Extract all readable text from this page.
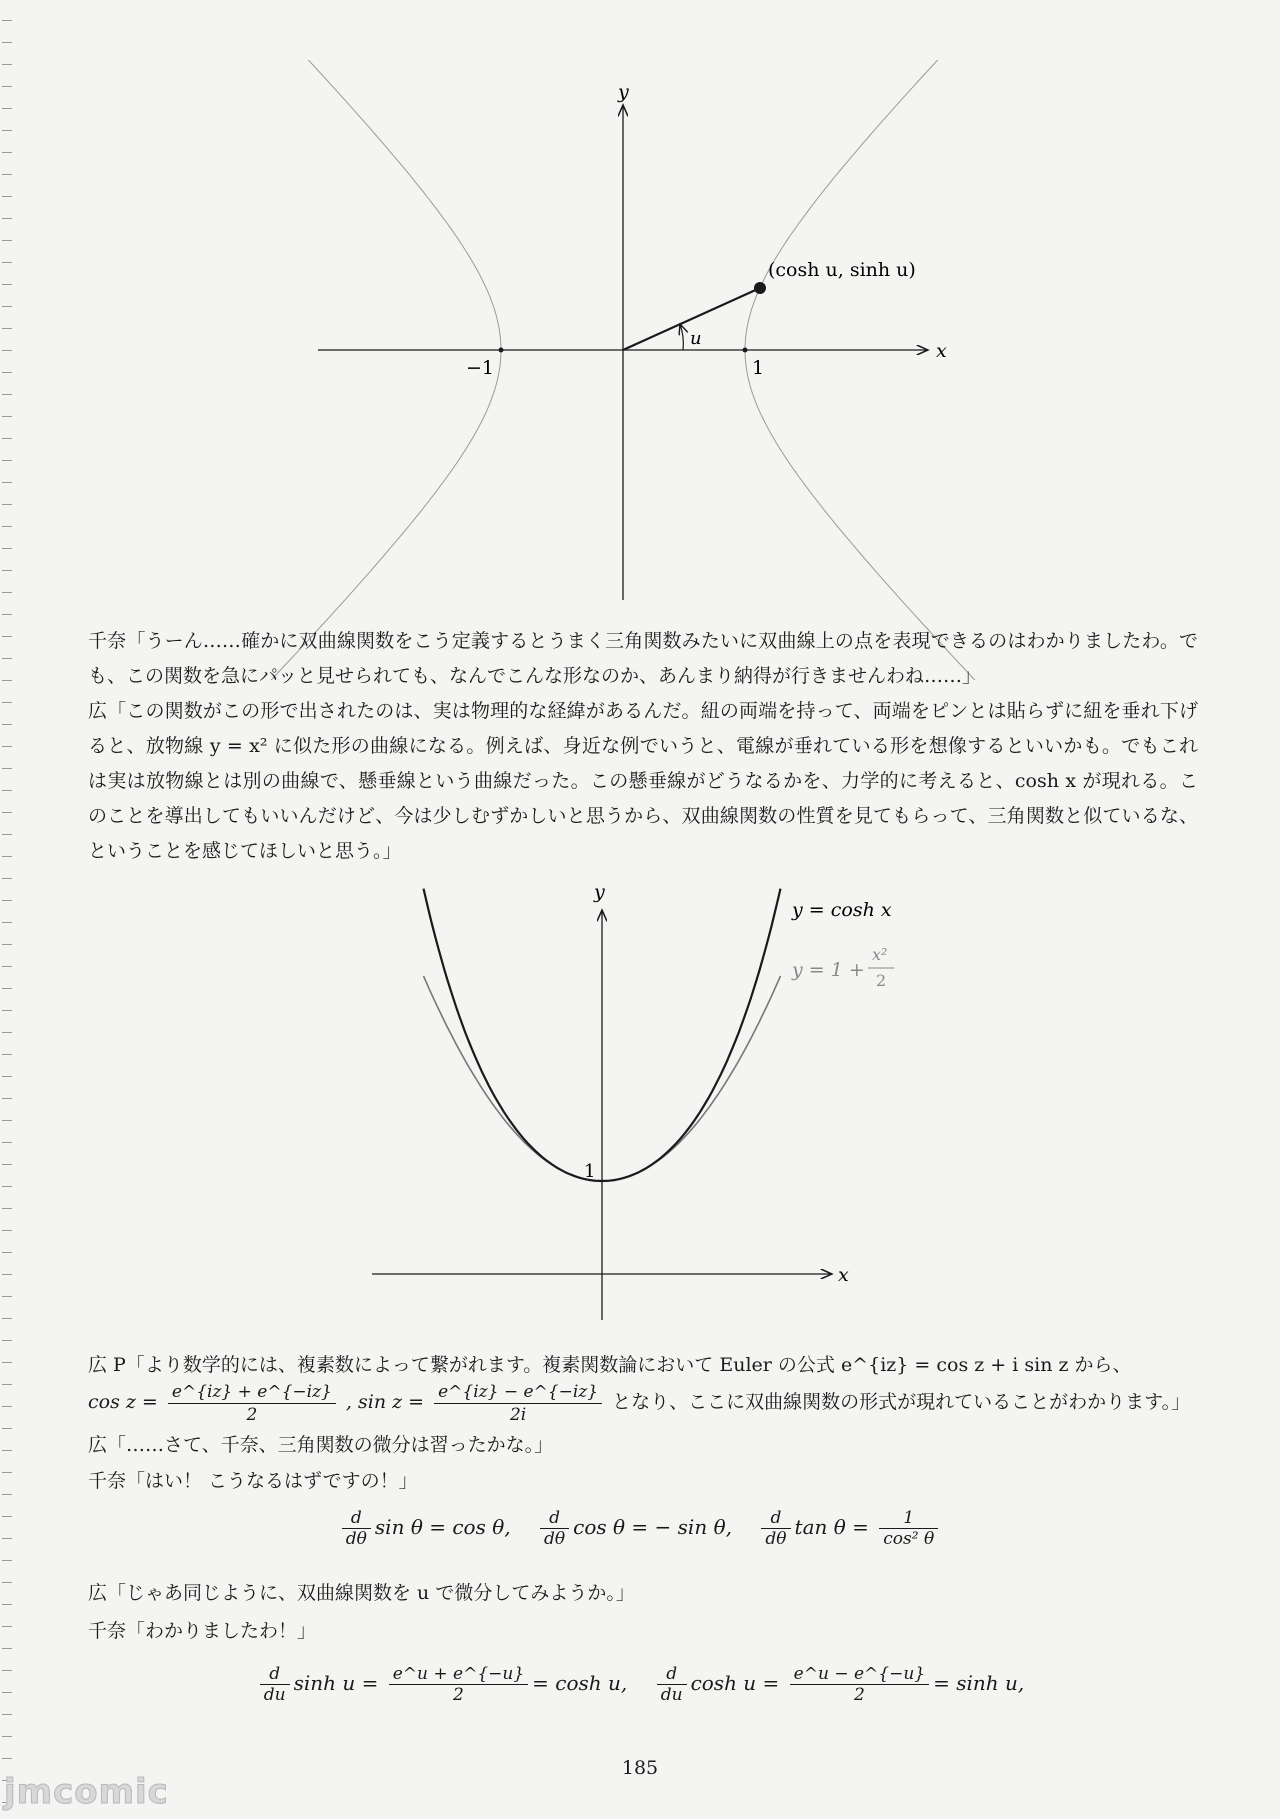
y
x
(cosh u, sinh u)
u
−1	1

千奈「うーん……確かに双曲線関数をこう定義するとうまく三角関数みたいに双曲線上の点を表現できるのはわかりましたわ。でも、この関数を急にパッと見せられても、なんでこんな形なのか、あんまり納得が行きませんわね……」

広「この関数がこの形で出されたのは、実は物理的な経緯があるんだ。紐の両端を持って、両端をピンとは貼らずに紐を垂れ下げると、放物線 y = x² に似た形の曲線になる。例えば、身近な例でいうと、電線が垂れている形を想像するといいかも。でもこれは実は放物線とは別の曲線で、懸垂線という曲線だった。この懸垂線がどうなるかを、力学的に考えると、cosh x が現れる。このことを導出してもいいんだけど、今は少しむずかしいと思うから、双曲線関数の性質を見てもらって、三角関数と似ているな、ということを感じてほしいと思う。」

y
x
y = cosh x
y = 1 +
x²
2
1
広 P「より数学的には、複素数によって繋がれます。複素関数論において Euler の公式 e^{iz} = cos z + i sin z から、
$\cos z = \frac{e\^{}\{iz\} + e\^{}\{-iz\}}{2}$ , $\sin z = \frac{e\^{}\{iz\} - e\^{}\{-iz\}}{2i}$ となり、ここに双曲線関数の形式が現れていることがわかります。」

広「……さて、千奈、三角関数の微分は習ったかな。」

千奈「はい！ こうなるはずですの！」

$\frac{d}{d\theta}$ sin θ = cos θ, $\frac{d}{d\theta}$ cos θ = − sin θ, $\frac{d}{d\theta}$ $\tan \theta = \frac{1}{\text{cos² θ}}$

広「じゃあ同じように、双曲線関数を u で微分してみようか。」

千奈「わかりましたわ！」

$\frac{d}{du}$ $\sinh u = \frac{e\^{}u + e\^{}\{-u\}}{2} = \cosh u$, $\frac{d}{du}$ $\cosh u = \frac{e\^{}u - e\^{}\{-u\}}{2} = \sinh u$,
185
jmcomic
